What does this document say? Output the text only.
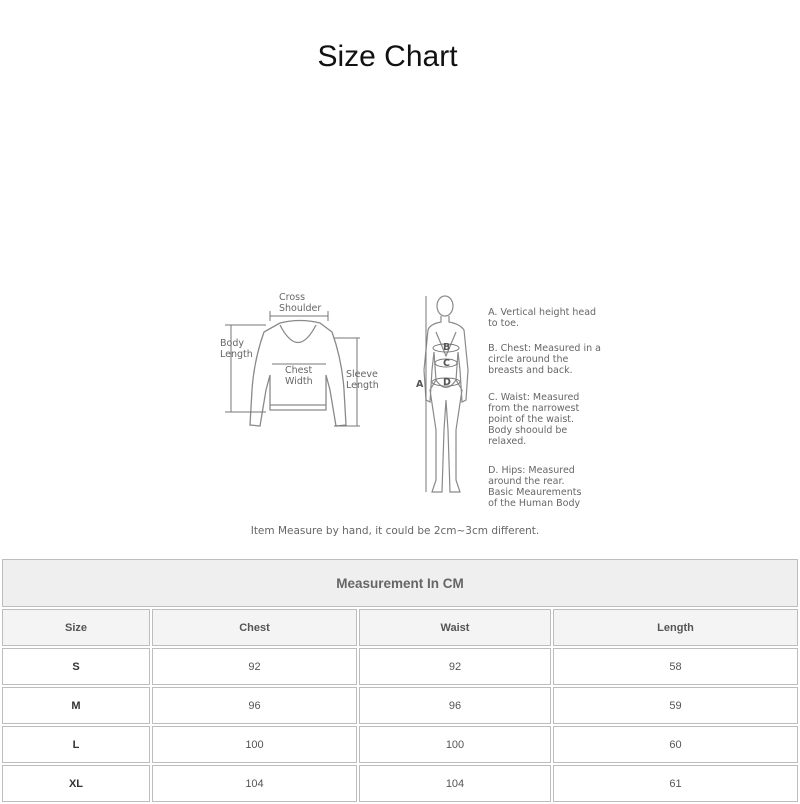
Size Chart
Cross
Shoulder
Body
Length
Chest
Width
Sleeve
Length	A
B
C
D

A. Vertical height head
to toe.

B. Chest: Measured in a
circle around the
breasts and back.

C. Waist: Measured
from the narrowest
point of the waist.
Body shoould be
relaxed.

D. Hips: Measured
around the rear.
Basic Meaurements
of the Human Body

Item Measure by hand, it could be 2cm~3cm different.
Measurement In CM			
Size	Chest	Waist	Length
S	92	92	58
M	96	96	59
L	100	100	60
XL	104	104	61
